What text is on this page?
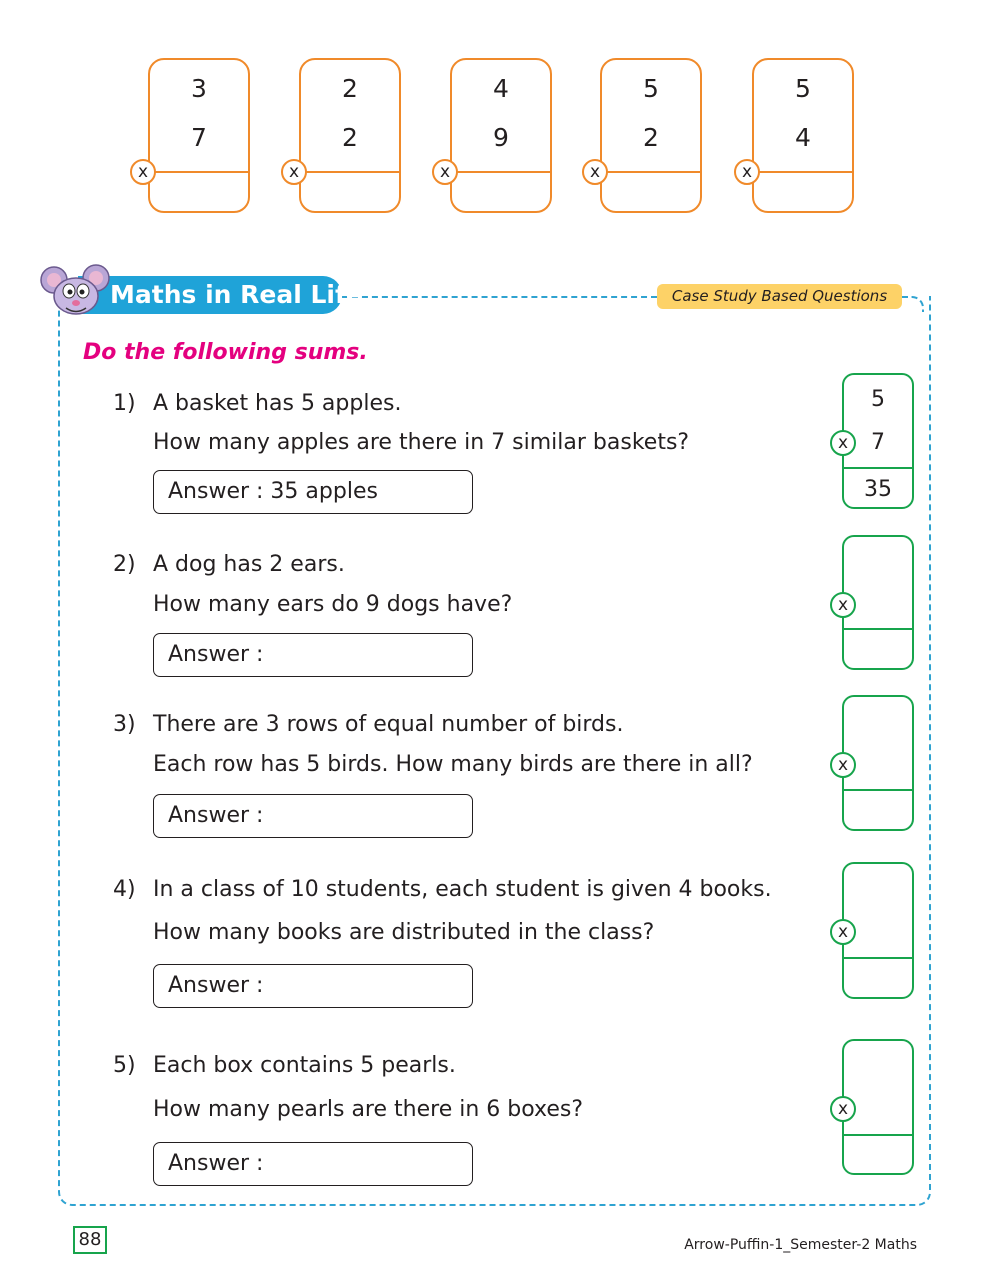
3
7
x
2
2
x
4
9
x
5
2
x
5
4
x
Maths in Real Life	Case Study Based Questions
Do the following sums.
1) A basket has 5 apples.
How many apples are there in 7 similar baskets?
Answer : 35 apples
5
7
35
x
2) A dog has 2 ears.
How many ears do 9 dogs have?
Answer :
x
3) There are 3 rows of equal number of birds.
Each row has 5 birds. How many birds are there in all?
Answer :
x
4) In a class of 10 students, each student is given 4 books.
How many books are distributed in the class?
Answer :
x
5) Each box contains 5 pearls.
How many pearls are there in 6 boxes?
Answer :
x
88	Arrow-Puffin-1_Semester-2 Maths
